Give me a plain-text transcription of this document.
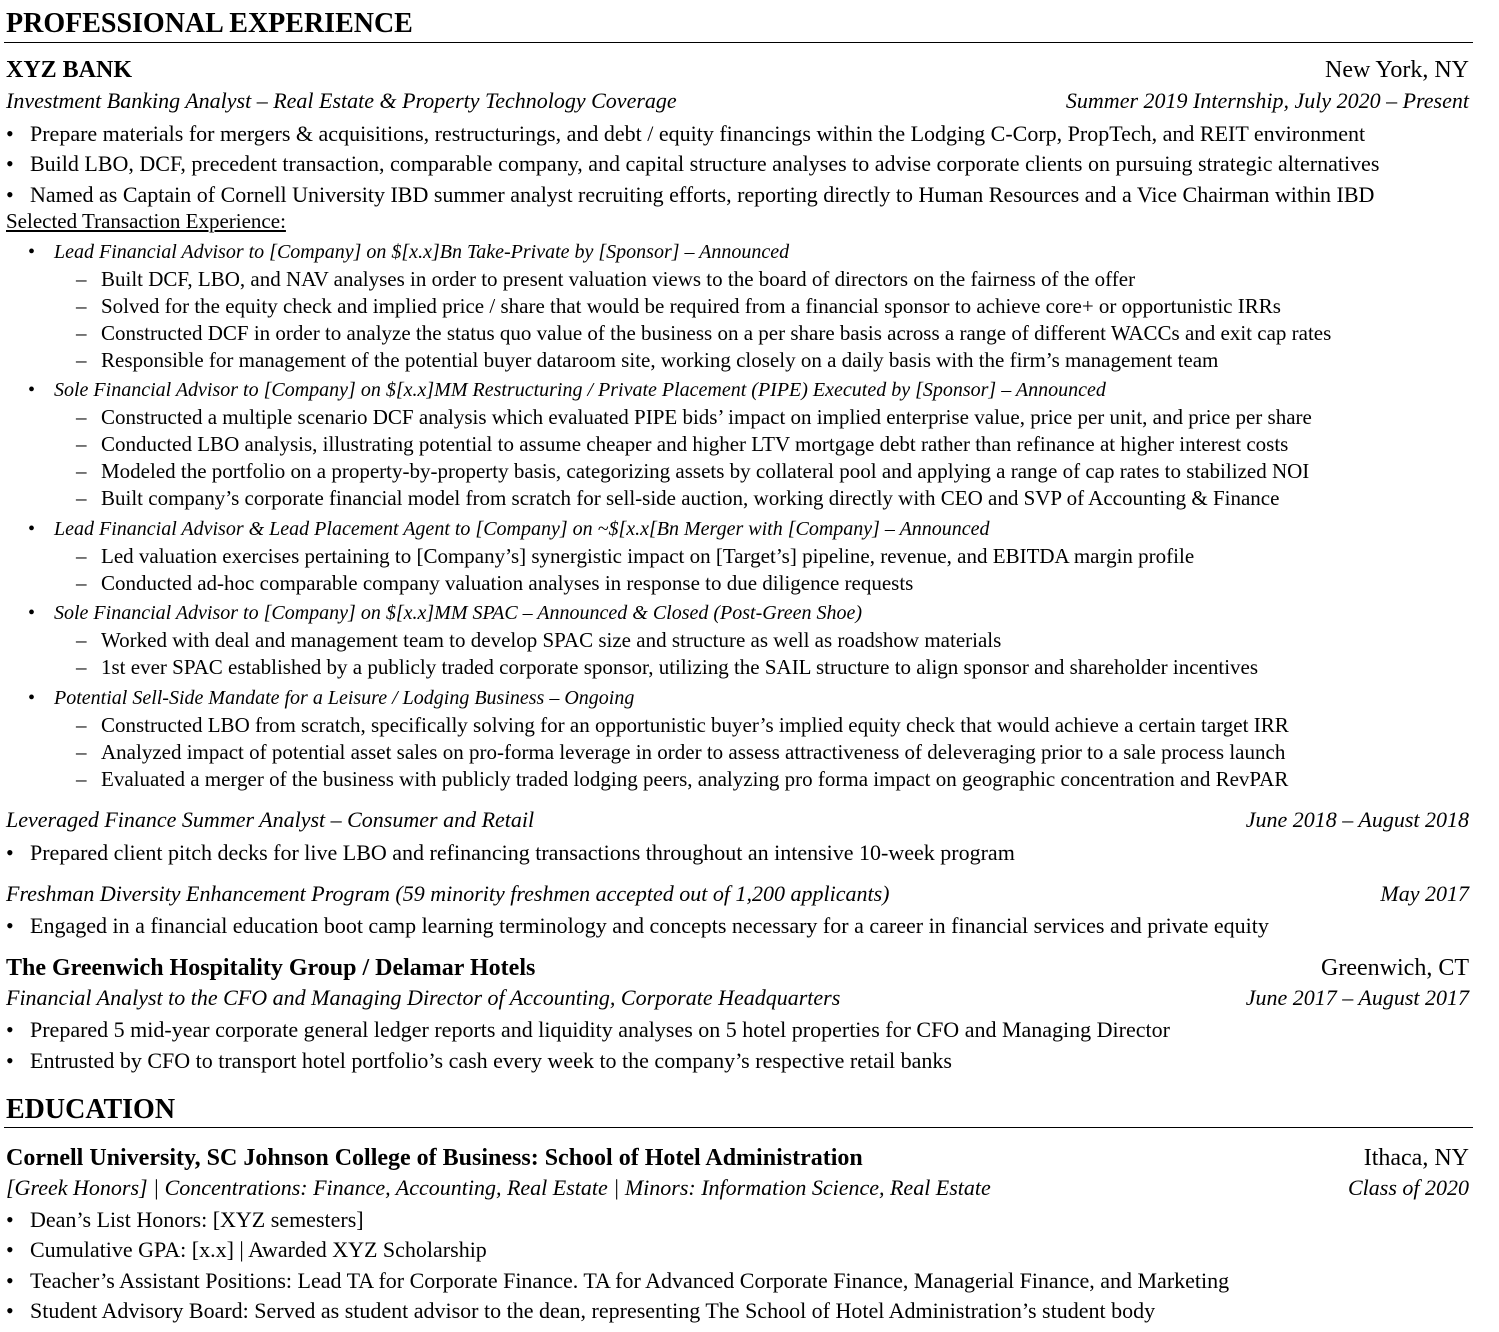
PROFESSIONAL EXPERIENCE
XYZ BANK	New York, NY
Investment Banking Analyst – Real Estate & Property Technology Coverage	Summer 2019 Internship, July 2020 – Present
• Prepare materials for mergers & acquisitions, restructurings, and debt / equity financings within the Lodging C-Corp, PropTech, and REIT environment
• Build LBO, DCF, precedent transaction, comparable company, and capital structure analyses to advise corporate clients on pursuing strategic alternatives
• Named as Captain of Cornell University IBD summer analyst recruiting efforts, reporting directly to Human Resources and a Vice Chairman within IBD
Selected Transaction Experience:
• Lead Financial Advisor to [Company] on $[x.x]Bn Take-Private by [Sponsor] – Announced
– Built DCF, LBO, and NAV analyses in order to present valuation views to the board of directors on the fairness of the offer
– Solved for the equity check and implied price / share that would be required from a financial sponsor to achieve core+ or opportunistic IRRs
– Constructed DCF in order to analyze the status quo value of the business on a per share basis across a range of different WACCs and exit cap rates
– Responsible for management of the potential buyer dataroom site, working closely on a daily basis with the firm’s management team
• Sole Financial Advisor to [Company] on $[x.x]MM Restructuring / Private Placement (PIPE) Executed by [Sponsor] – Announced
– Constructed a multiple scenario DCF analysis which evaluated PIPE bids’ impact on implied enterprise value, price per unit, and price per share
– Conducted LBO analysis, illustrating potential to assume cheaper and higher LTV mortgage debt rather than refinance at higher interest costs
– Modeled the portfolio on a property-by-property basis, categorizing assets by collateral pool and applying a range of cap rates to stabilized NOI
– Built company’s corporate financial model from scratch for sell-side auction, working directly with CEO and SVP of Accounting & Finance
• Lead Financial Advisor & Lead Placement Agent to [Company] on ~$[x.x[Bn Merger with [Company] – Announced
– Led valuation exercises pertaining to [Company’s] synergistic impact on [Target’s] pipeline, revenue, and EBITDA margin profile
– Conducted ad-hoc comparable company valuation analyses in response to due diligence requests
• Sole Financial Advisor to [Company] on $[x.x]MM SPAC – Announced & Closed (Post-Green Shoe)
– Worked with deal and management team to develop SPAC size and structure as well as roadshow materials
– 1st ever SPAC established by a publicly traded corporate sponsor, utilizing the SAIL structure to align sponsor and shareholder incentives
• Potential Sell-Side Mandate for a Leisure / Lodging Business – Ongoing
– Constructed LBO from scratch, specifically solving for an opportunistic buyer’s implied equity check that would achieve a certain target IRR
– Analyzed impact of potential asset sales on pro-forma leverage in order to assess attractiveness of deleveraging prior to a sale process launch
– Evaluated a merger of the business with publicly traded lodging peers, analyzing pro forma impact on geographic concentration and RevPAR
Leveraged Finance Summer Analyst – Consumer and Retail	June 2018 – August 2018
• Prepared client pitch decks for live LBO and refinancing transactions throughout an intensive 10-week program
Freshman Diversity Enhancement Program (59 minority freshmen accepted out of 1,200 applicants)	May 2017
• Engaged in a financial education boot camp learning terminology and concepts necessary for a career in financial services and private equity
The Greenwich Hospitality Group / Delamar Hotels	Greenwich, CT
Financial Analyst to the CFO and Managing Director of Accounting, Corporate Headquarters	June 2017 – August 2017
• Prepared 5 mid-year corporate general ledger reports and liquidity analyses on 5 hotel properties for CFO and Managing Director
• Entrusted by CFO to transport hotel portfolio’s cash every week to the company’s respective retail banks
EDUCATION
Cornell University, SC Johnson College of Business: School of Hotel Administration	Ithaca, NY
[Greek Honors] | Concentrations: Finance, Accounting, Real Estate | Minors: Information Science, Real Estate	Class of 2020
• Dean’s List Honors: [XYZ semesters]
• Cumulative GPA: [x.x] | Awarded XYZ Scholarship
• Teacher’s Assistant Positions: Lead TA for Corporate Finance. TA for Advanced Corporate Finance, Managerial Finance, and Marketing
• Student Advisory Board: Served as student advisor to the dean, representing The School of Hotel Administration’s student body
